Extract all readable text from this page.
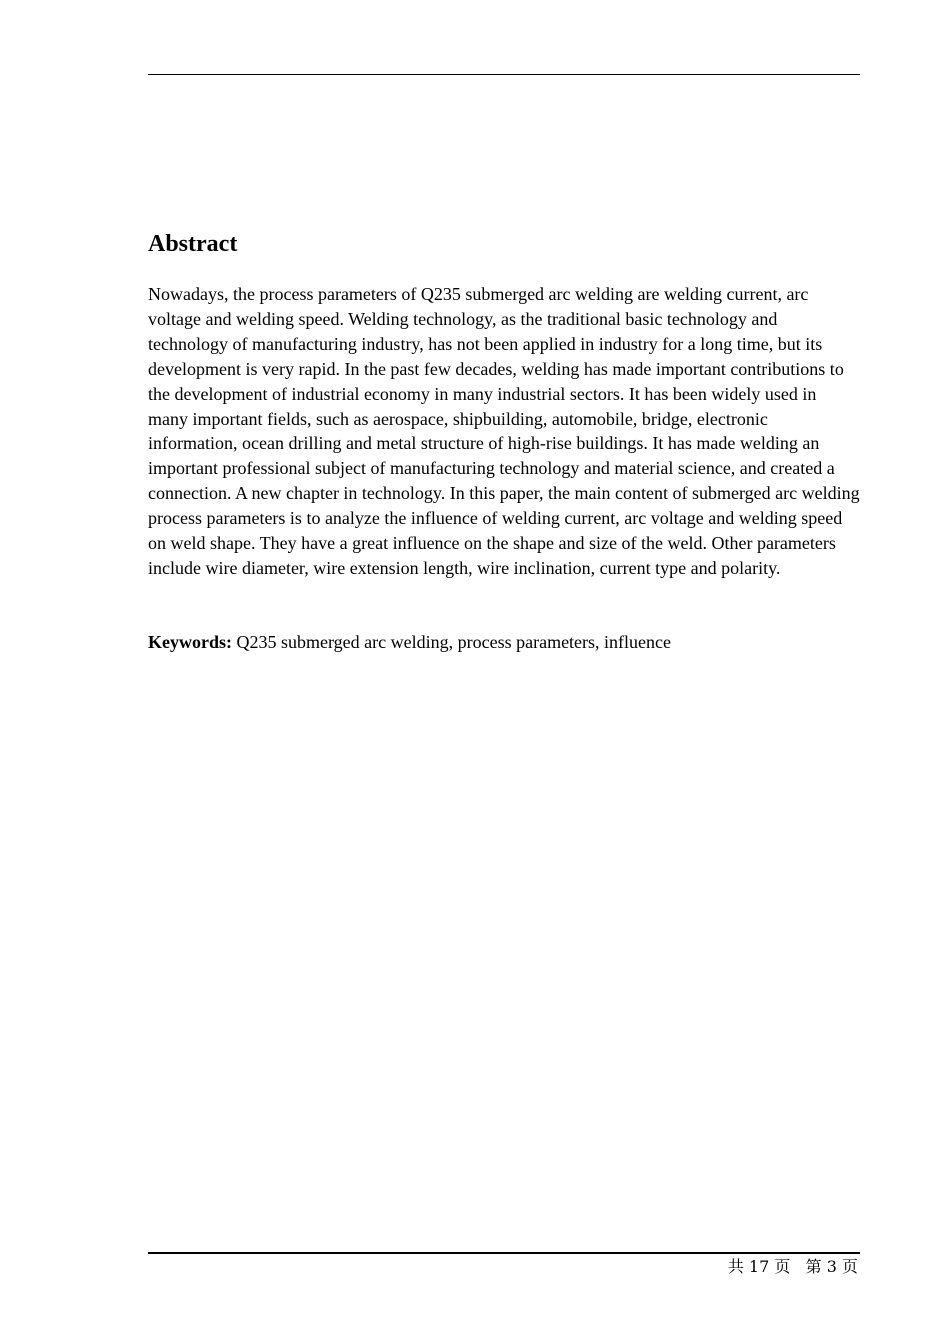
Abstract

Nowadays, the process parameters of Q235 submerged arc welding are welding current, arc voltage and welding speed. Welding technology, as the traditional basic technology and technology of manufacturing industry, has not been applied in industry for a long time, but its development is very rapid. In the past few decades, welding has made important contributions to the development of industrial economy in many industrial sectors. It has been widely used in many important fields, such as aerospace, shipbuilding, automobile, bridge, electronic information, ocean drilling and metal structure of high-rise buildings. It has made welding an important professional subject of manufacturing technology and material science, and created a connection. A new chapter in technology. In this paper, the main content of submerged arc welding process parameters is to analyze the influence of welding current, arc voltage and welding speed on weld shape. They have a great influence on the shape and size of the weld. Other parameters include wire diameter, wire extension length, wire inclination, current type and polarity.

Keywords: Q235 submerged arc welding, process parameters, influence

共 17 页   第 3 页
